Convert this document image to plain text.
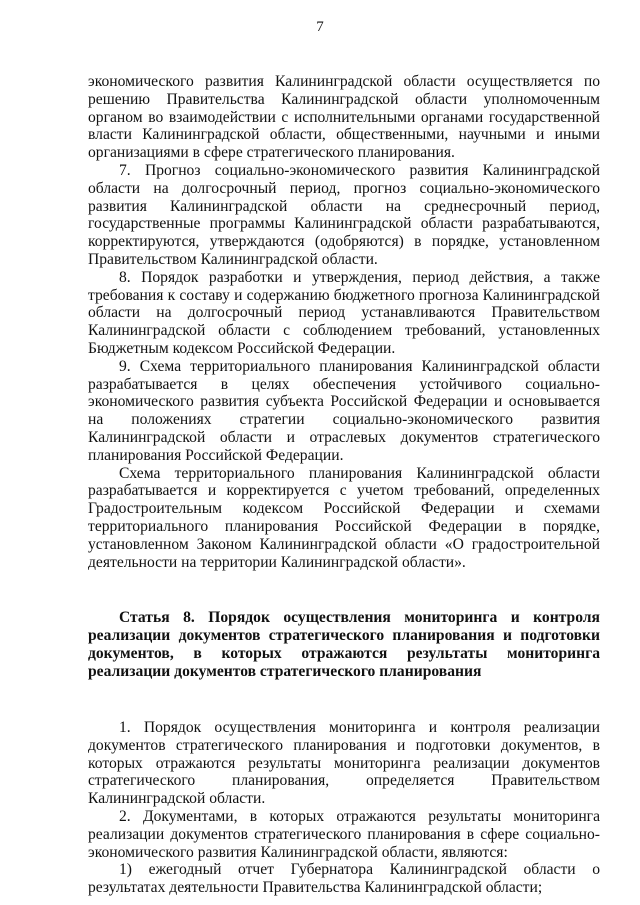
7

экономического развития Калининградской области осуществляется по решению Правительства Калининградской области уполномоченным органом во взаимодействии с исполнительными органами государственной власти Калининградской области, общественными, научными и иными организациями в сфере стратегического планирования.

7. Прогноз социально-экономического развития Калининградской области на долгосрочный период, прогноз социально-экономического развития Калининградской области на среднесрочный период, государственные программы Калининградской области разрабатываются, корректируются, утверждаются (одобряются) в порядке, установленном Правительством Калининградской области.

8. Порядок разработки и утверждения, период действия, а также требования к составу и содержанию бюджетного прогноза Калининградской области на долгосрочный период устанавливаются Правительством Калининградской области с соблюдением требований, установленных Бюджетным кодексом Российской Федерации.

9. Схема территориального планирования Калининградской области разрабатывается в целях обеспечения устойчивого социально-экономического развития субъекта Российской Федерации и основывается на положениях стратегии социально-экономического развития Калининградской области и отраслевых документов стратегического планирования Российской Федерации.

Схема территориального планирования Калининградской области разрабатывается и корректируется с учетом требований, определенных Градостроительным кодексом Российской Федерации и схемами территориального планирования Российской Федерации в порядке, установленном Законом Калининградской области «О градостроительной деятельности на территории Калининградской области».

Статья 8. Порядок осуществления мониторинга и контроля реализации документов стратегического планирования и подготовки документов, в которых отражаются результаты мониторинга реализации документов стратегического планирования

1. Порядок осуществления мониторинга и контроля реализации документов стратегического планирования и подготовки документов, в которых отражаются результаты мониторинга реализации документов стратегического планирования, определяется Правительством Калининградской области.

2. Документами, в которых отражаются результаты мониторинга реализации документов стратегического планирования в сфере социально-экономического развития Калининградской области, являются:

1) ежегодный отчет Губернатора Калининградской области о результатах деятельности Правительства Калининградской области;
